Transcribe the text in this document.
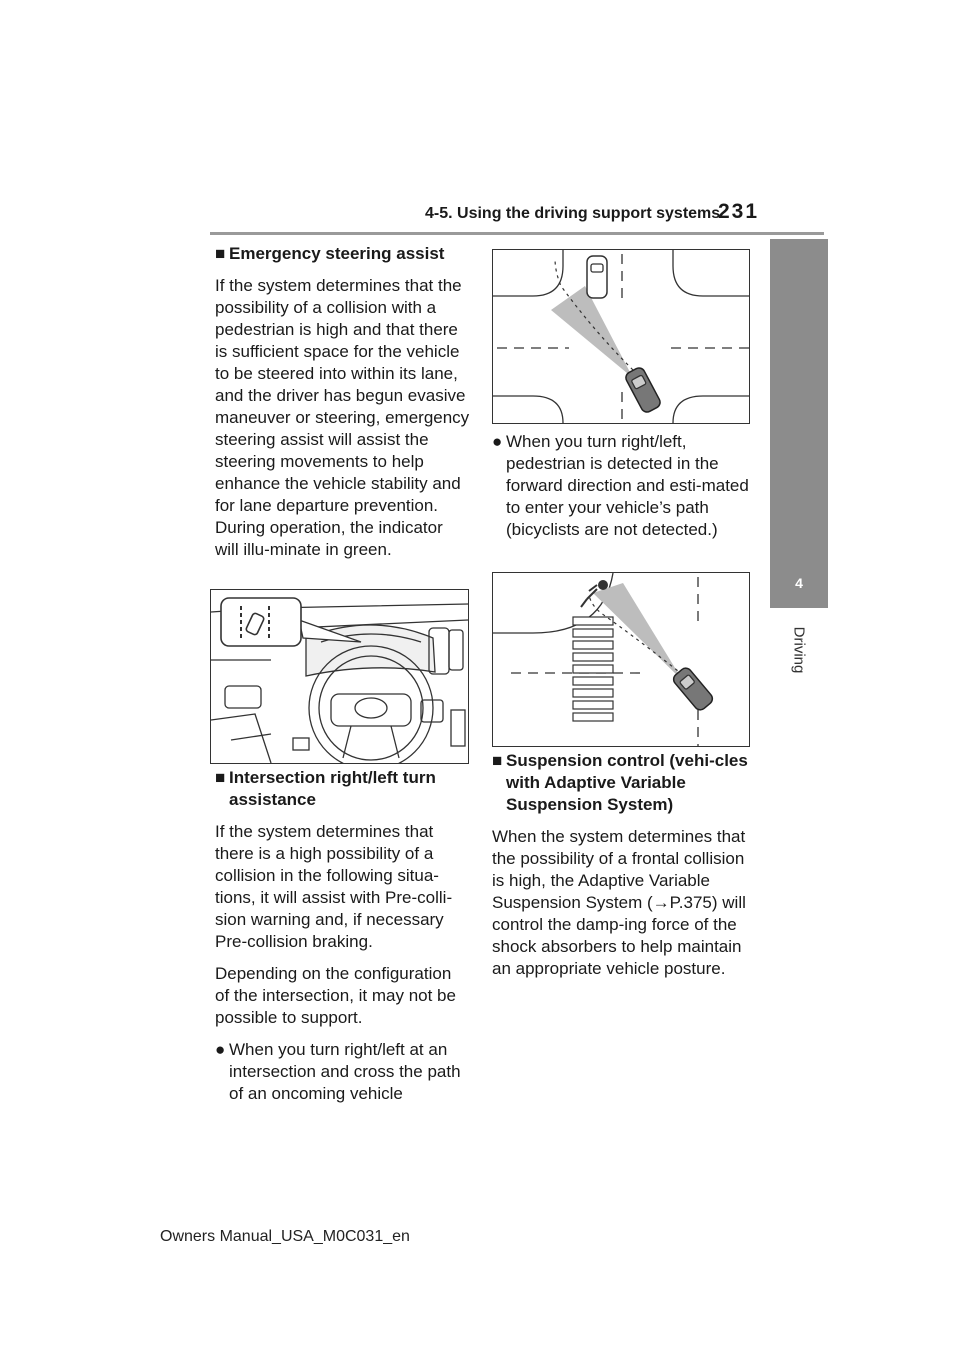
4-5. Using the driving support systems
231
4
Driving

■ Emergency steering assist

If the system determines that the possibility of a collision with a pedestrian is high and that there is sufficient space for the vehicle to be steered into within its lane, and the driver has begun evasive maneuver or steering, emergency steering assist will assist the steering movements to help enhance the vehicle stability and for lane departure prevention. During operation, the indicator will illu-minate in green.

■ Intersection right/left turn assistance

If the system determines that there is a high possibility of a collision in the following situa-tions, it will assist with Pre-colli-sion warning and, if necessary Pre-collision braking.

Depending on the configuration of the intersection, it may not be possible to support.

● When you turn right/left at an intersection and cross the path of an oncoming vehicle

● When you turn right/left, pedestrian is detected in the forward direction and esti-mated to enter your vehicle’s path (bicyclists are not detected.)

■ Suspension control (vehi-cles with Adaptive Variable Suspension System)

When the system determines that the possibility of a frontal collision is high, the Adaptive Variable Suspension System (→P.375) will control the damp-ing force of the shock absorbers to help maintain an appropriate vehicle posture.

Owners Manual_USA_M0C031_en
